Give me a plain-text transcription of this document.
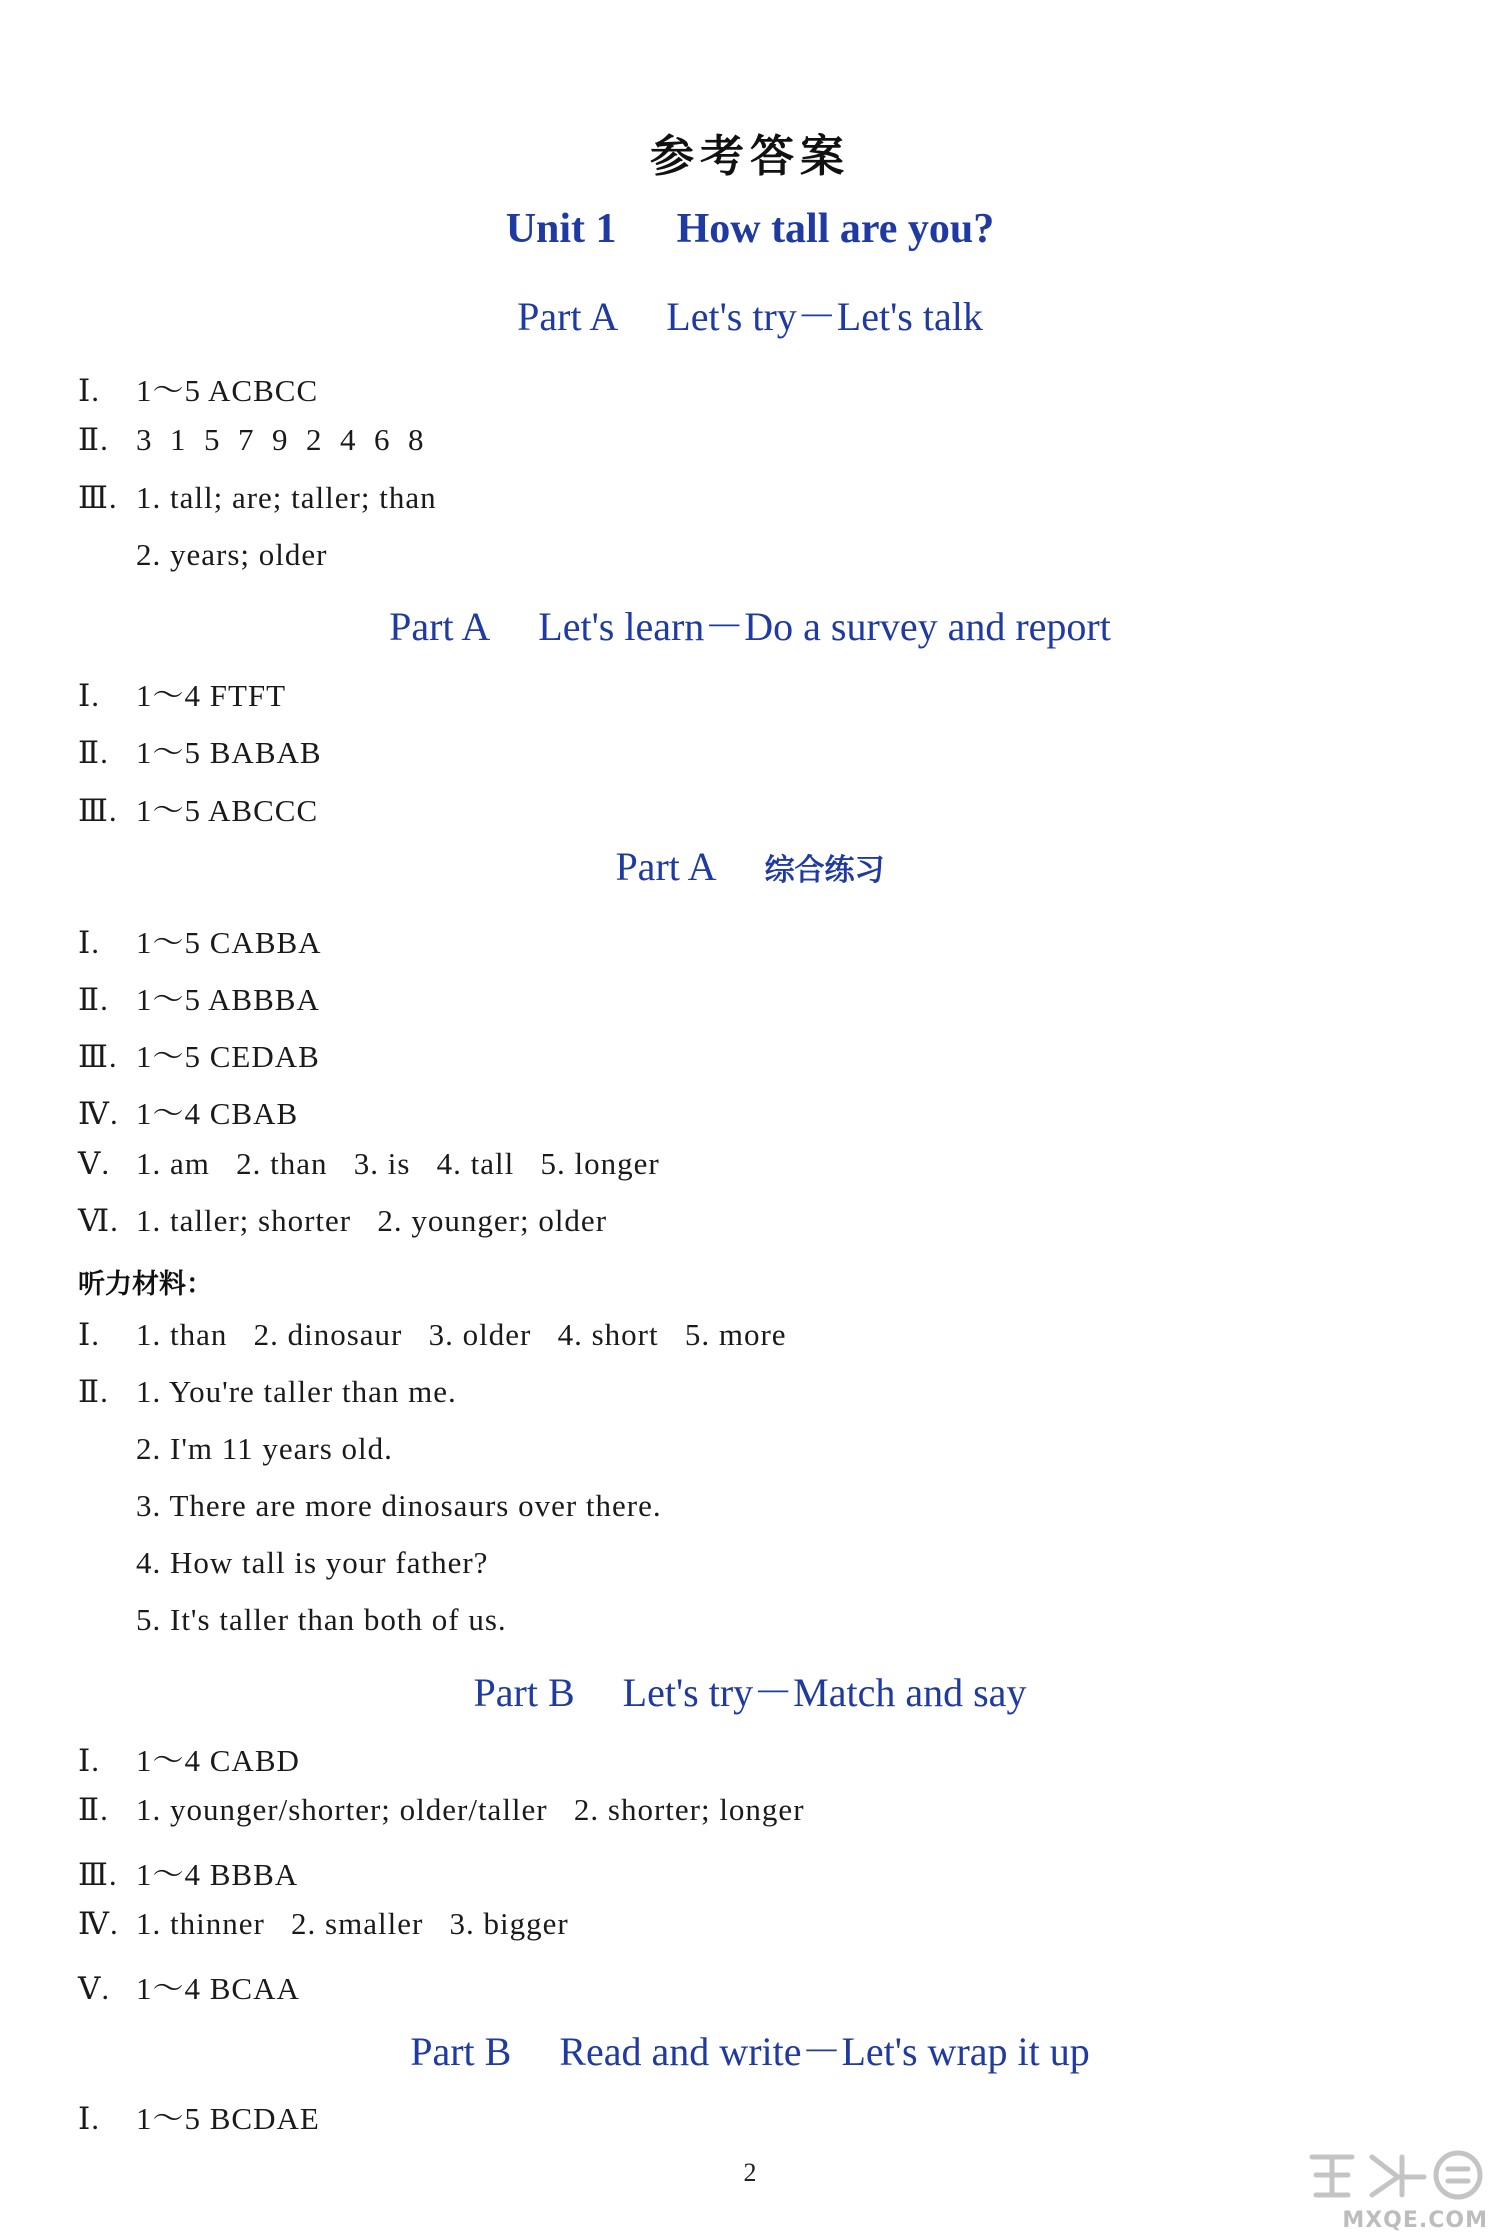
参考答案
Unit 1 How tall are you?
Part A Let's try－Let's talk
Ⅰ. 1～5 ACBCC
Ⅱ. 3  1  5  7  9  2  4  6  8
Ⅲ. 1. tall; are; taller; than
2. years; older
Part A Let's learn－Do a survey and report
Ⅰ. 1～4 FTFT
Ⅱ. 1～5 BABAB
Ⅲ. 1～5 ABCCC
Part A 综合练习
Ⅰ. 1～5 CABBA
Ⅱ. 1～5 ABBBA
Ⅲ. 1～5 CEDAB
Ⅳ. 1～4 CBAB
Ⅴ. 1. am   2. than   3. is   4. tall   5. longer
Ⅵ. 1. taller; shorter   2. younger; older
听力材料：
Ⅰ. 1. than   2. dinosaur   3. older   4. short   5. more
Ⅱ. 1. You're taller than me.
2. I'm 11 years old.
3. There are more dinosaurs over there.
4. How tall is your father?
5. It's taller than both of us.
Part B Let's try－Match and say
Ⅰ. 1～4 CABD
Ⅱ. 1. younger/shorter; older/taller   2. shorter; longer
Ⅲ. 1～4 BBBA
Ⅳ. 1. thinner   2. smaller   3. bigger
Ⅴ. 1～4 BCAA
Part B Read and write－Let's wrap it up
Ⅰ. 1～5 BCDAE
2
MXQE.COM
